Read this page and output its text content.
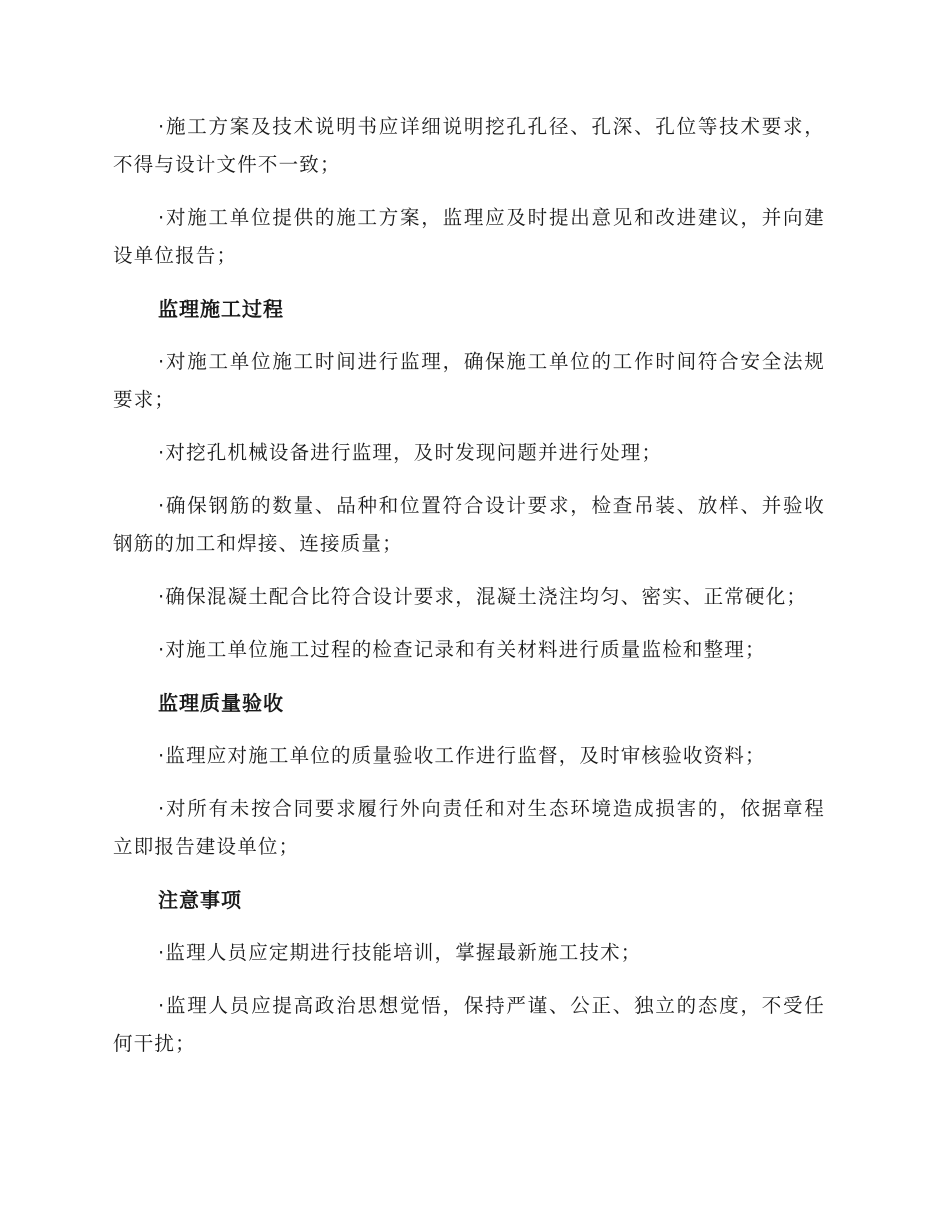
·施工方案及技术说明书应详细说明挖孔孔径、孔深、孔位等技术要求，不得与设计文件不一致；

·对施工单位提供的施工方案，监理应及时提出意见和改进建议，并向建设单位报告；

监理施工过程

·对施工单位施工时间进行监理，确保施工单位的工作时间符合安全法规要求；

·对挖孔机械设备进行监理，及时发现问题并进行处理；

·确保钢筋的数量、品种和位置符合设计要求，检查吊装、放样、并验收钢筋的加工和焊接、连接质量；

·确保混凝土配合比符合设计要求，混凝土浇注均匀、密实、正常硬化；

·对施工单位施工过程的检查记录和有关材料进行质量监检和整理；

监理质量验收

·监理应对施工单位的质量验收工作进行监督，及时审核验收资料；

·对所有未按合同要求履行外向责任和对生态环境造成损害的，依据章程立即报告建设单位；

注意事项

·监理人员应定期进行技能培训，掌握最新施工技术；

·监理人员应提高政治思想觉悟，保持严谨、公正、独立的态度，不受任何干扰；
